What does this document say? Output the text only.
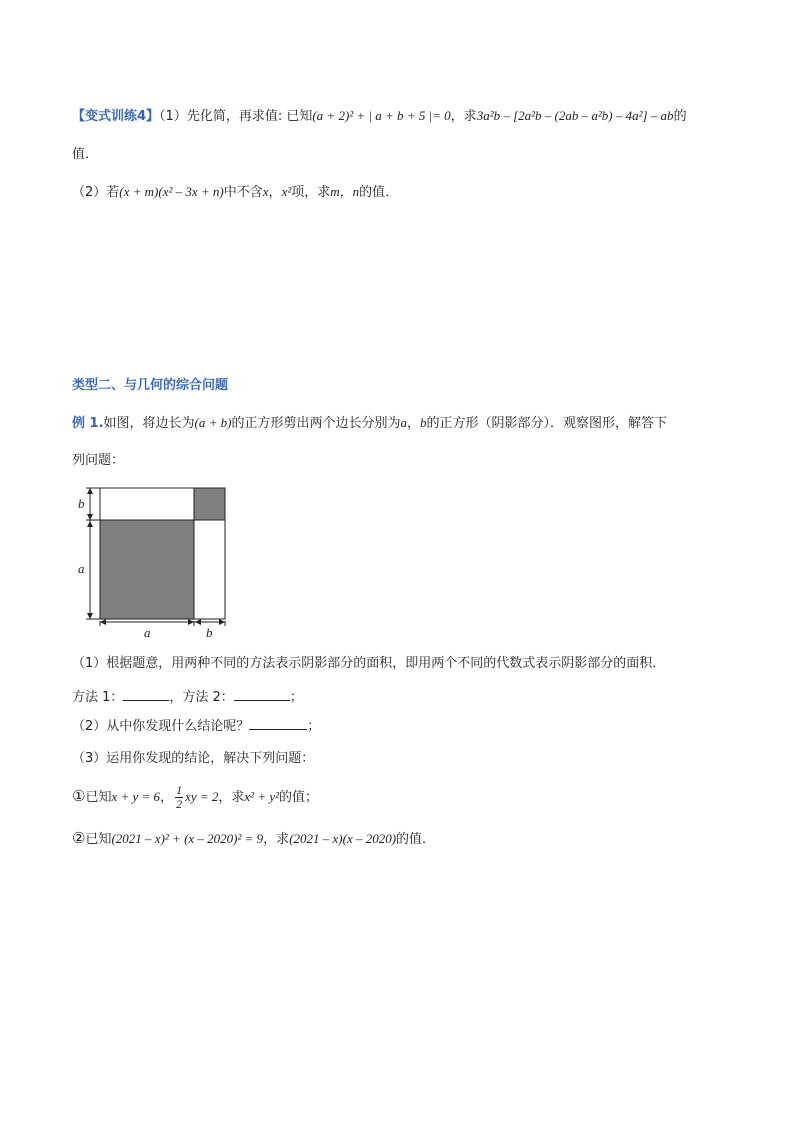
【变式训练4】（1）先化简，再求值: 已知(a + 2)² + | a + b + 5 |= 0，求3a²b – [2a²b – (2ab – a²b) – 4a²] – ab的
值．
（2）若(x + m)(x² – 3x + n)中不含x，x²项，求m，n的值．
类型二、与几何的综合问题
例 1.如图，将边长为(a + b)的正方形剪出两个边长分别为a，b的正方形（阴影部分）．观察图形，解答下
列问题：
b
a
a	b
（1）根据题意，用两种不同的方法表示阴影部分的面积，即用两个不同的代数式表示阴影部分的面积．
方法 1：	，方法 2：	；
（2）从中你发现什么结论呢？	；
（3）运用你发现的结论，解决下列问题：
①已知x + y = 6， $\frac{1}{2}$ xy = 2，求x² + y²的值；
②已知(2021 – x)² + (x – 2020)² = 9，求(2021 – x)(x – 2020)的值．
